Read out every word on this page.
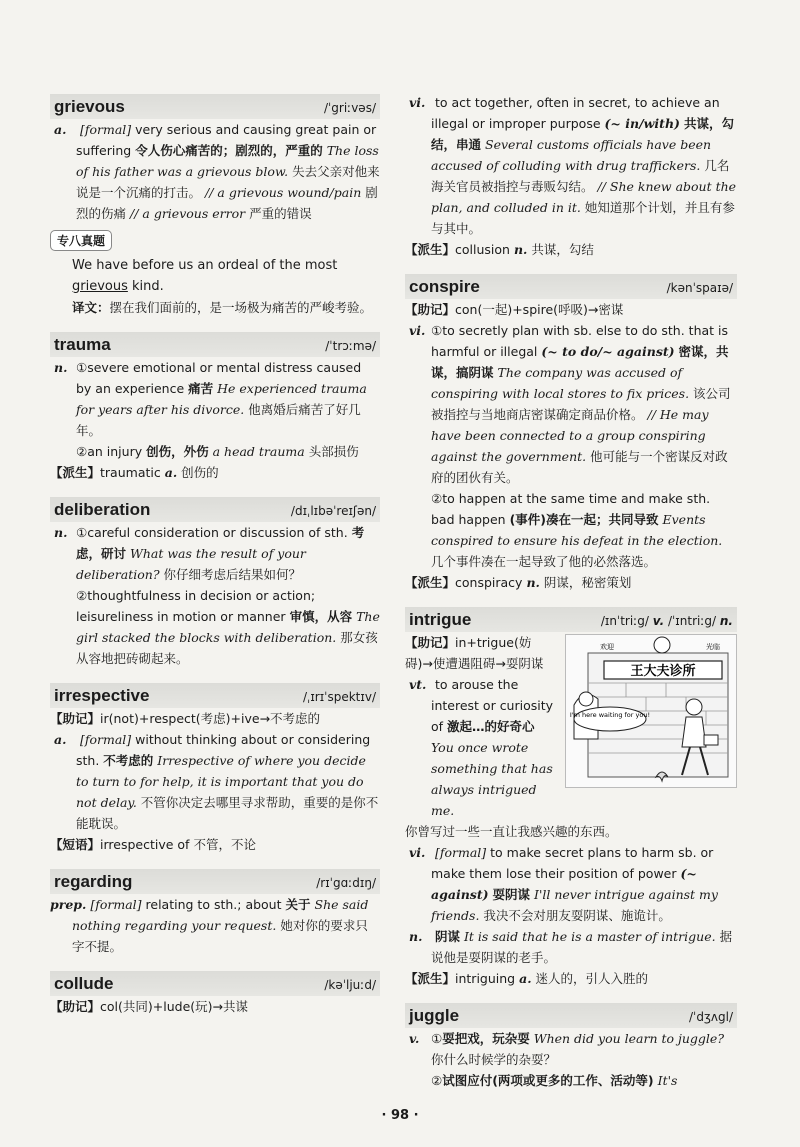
grievous	/ˈgriːvəs/

a. [formal] very serious and causing great pain or suffering 令人伤心痛苦的；剧烈的，严重的 The loss of his father was a grievous blow. 失去父亲对他来说是一个沉痛的打击。 // a grievous wound/pain 剧烈的伤痛 // a grievous error 严重的错误

专八真题

We have before us an ordeal of the most grievous kind.

译文：摆在我们面前的，是一场极为痛苦的严峻考验。

trauma	/ˈtrɔːmə/

n. ①severe emotional or mental distress caused by an experience 痛苦 He experienced trauma for years after his divorce. 他离婚后痛苦了好几年。

②an injury 创伤，外伤 a head trauma 头部损伤

【派生】traumatic a. 创伤的

deliberation	/dɪˌlɪbəˈreɪʃən/

n. ①careful consideration or discussion of sth. 考虑，研讨 What was the result of your deliberation? 你仔细考虑后结果如何？

②thoughtfulness in decision or action; leisureliness in motion or manner 审慎，从容 The girl stacked the blocks with deliberation. 那女孩从容地把砖砌起来。

irrespective	/ˌɪrɪˈspektɪv/

【助记】ir(not)+respect(考虑)+ive→不考虑的

a. [formal] without thinking about or considering sth. 不考虑的 Irrespective of where you decide to turn to for help, it is important that you do not delay. 不管你决定去哪里寻求帮助，重要的是你不能耽误。

【短语】irrespective of 不管，不论

regarding	/rɪˈgɑːdɪŋ/

prep. [formal] relating to sth.; about 关于 She said nothing regarding your request. 她对你的要求只字不提。

collude	/kəˈljuːd/

【助记】col(共同)+lude(玩)→共谋

vi. to act together, often in secret, to achieve an illegal or improper purpose (~ in/with) 共谋，勾结，串通 Several customs officials have been accused of colluding with drug traffickers. 几名海关官员被指控与毒贩勾结。 // She knew about the plan, and colluded in it. 她知道那个计划，并且有参与其中。

【派生】collusion n. 共谋，勾结

conspire	/kənˈspaɪə/

【助记】con(一起)+spire(呼吸)→密谋

vi. ①to secretly plan with sb. else to do sth. that is harmful or illegal (~ to do/~ against) 密谋，共谋，搞阴谋 The company was accused of conspiring with local stores to fix prices. 该公司被指控与当地商店密谋确定商品价格。 // He may have been connected to a group conspiring against the government. 他可能与一个密谋反对政府的团伙有关。

②to happen at the same time and make sth. bad happen (事件)凑在一起；共同导致 Events conspired to ensure his defeat in the election. 几个事件凑在一起导致了他的必然落选。

【派生】conspiracy n. 阴谋，秘密策划

intrigue	/ɪnˈtriːg/ v. /ˈɪntriːg/ n.
王大夫诊所
欢迎	光临
I'm here waiting for you!

【助记】in+trigue(妨碍)→使遭遇阻碍→耍阴谋

vt. to arouse the interest or curiosity of 激起…的好奇心 You once wrote something that has always intrigued me.

你曾写过一些一直让我感兴趣的东西。

vi. [formal] to make secret plans to harm sb. or make them lose their position of power (~ against) 耍阴谋 I'll never intrigue against my friends. 我决不会对朋友耍阴谋、施诡计。

n. 阴谋 It is said that he is a master of intrigue. 据说他是耍阴谋的老手。

【派生】intriguing a. 迷人的，引人入胜的

juggle	/ˈdʒʌgl/

v. ①耍把戏，玩杂耍 When did you learn to juggle? 你什么时候学的杂耍？

②试图应付(两项或更多的工作、活动等) It's

· 98 ·
